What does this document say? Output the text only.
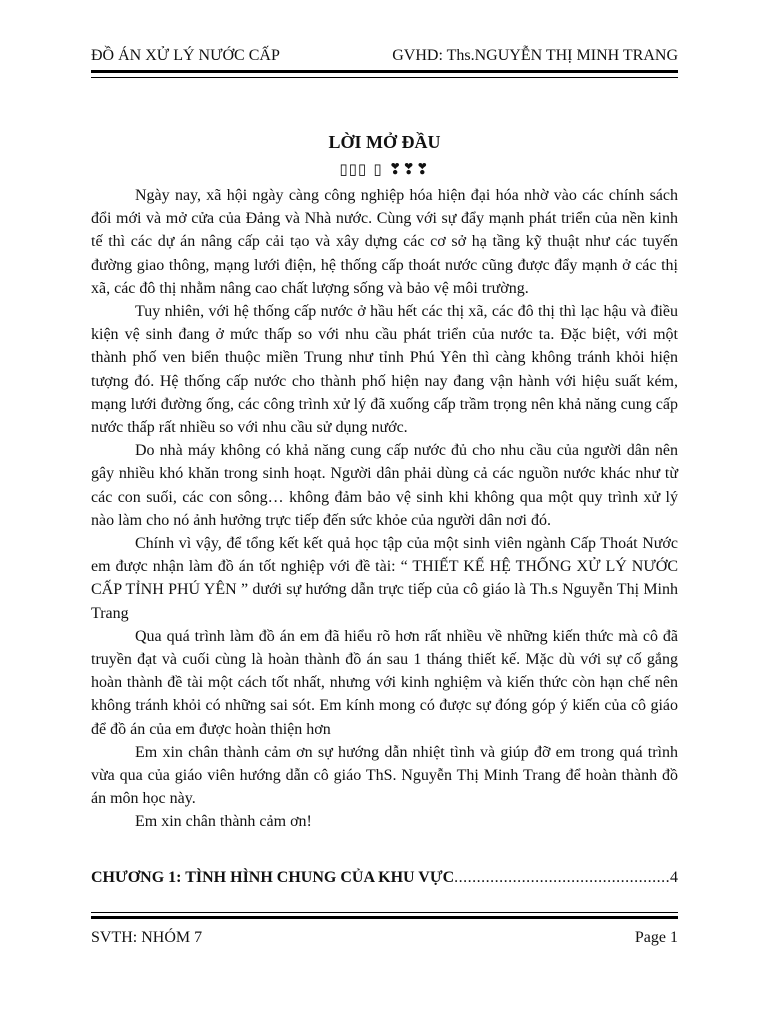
ĐỒ ÁN XỬ LÝ NƯỚC CẤP	GVHD: Ths.NGUYỄN THỊ MINH TRANG
LỜI MỞ ĐẦU
▯▯▯ ▯ ❣❣❣

Ngày nay, xã hội ngày càng công nghiệp hóa hiện đại hóa nhờ vào các chính sách đổi mới và mở cửa của Đảng và Nhà nước. Cùng với sự đẩy mạnh phát triển của nền kinh tế thì các dự án nâng cấp cải tạo và xây dựng các cơ sở hạ tầng kỹ thuật như các tuyến đường giao thông, mạng lưới điện, hệ thống cấp thoát nước cũng được đẩy mạnh ở các thị xã, các đô thị nhằm nâng cao chất lượng sống và bảo vệ môi trường.

Tuy nhiên, với hệ thống cấp nước ở hầu hết các thị xã, các đô thị thì lạc hậu và điều kiện vệ sinh đang ở mức thấp so với nhu cầu phát triển của nước ta. Đặc biệt, với một thành phố ven biển thuộc miền Trung như tỉnh Phú Yên thì càng không tránh khỏi hiện tượng đó. Hệ thống cấp nước cho thành phố hiện nay đang vận hành với hiệu suất kém, mạng lưới đường ống, các công trình xử lý đã xuống cấp trầm trọng nên khả năng cung cấp nước thấp rất nhiều so với nhu cầu sử dụng nước.

Do nhà máy không có khả năng cung cấp nước đủ cho nhu cầu của người dân nên gây nhiều khó khăn trong sinh hoạt. Người dân phải dùng cả các nguồn nước khác như từ các con suối, các con sông… không đảm bảo vệ sinh khi không qua một quy trình xử lý nào làm cho nó ảnh hưởng trực tiếp đến sức khỏe của người dân nơi đó.

Chính vì vậy, để tổng kết kết quả học tập của một sinh viên ngành Cấp Thoát Nước em được nhận làm đồ án tốt nghiệp với đề tài: “ THIẾT KẾ HỆ THỐNG XỬ LÝ NƯỚC CẤP TỈNH PHÚ YÊN ” dưới sự hướng dẫn trực tiếp của cô giáo là Th.s Nguyễn Thị Minh Trang

Qua quá trình làm đồ án em đã hiểu rõ hơn rất nhiều về những kiến thức mà cô đã truyền đạt và cuối cùng là hoàn thành đồ án sau 1 tháng thiết kế. Mặc dù với sự cố gắng hoàn thành đề tài một cách tốt nhất, nhưng với kinh nghiệm và kiến thức còn hạn chế nên không tránh khỏi có những sai sót. Em kính mong có được sự đóng góp ý kiến của cô giáo để đồ án của em được hoàn thiện hơn

Em xin chân thành cảm ơn sự hướng dẫn nhiệt tình và giúp đỡ em trong quá trình vừa qua của giáo viên hướng dẫn cô giáo ThS. Nguyễn Thị Minh Trang để hoàn thành đồ án môn học này.

Em xin chân thành cảm ơn!

CHƯƠNG 1: TÌNH HÌNH CHUNG CỦA KHU VỰC
.....	4
SVTH: NHÓM 7	Page 1
